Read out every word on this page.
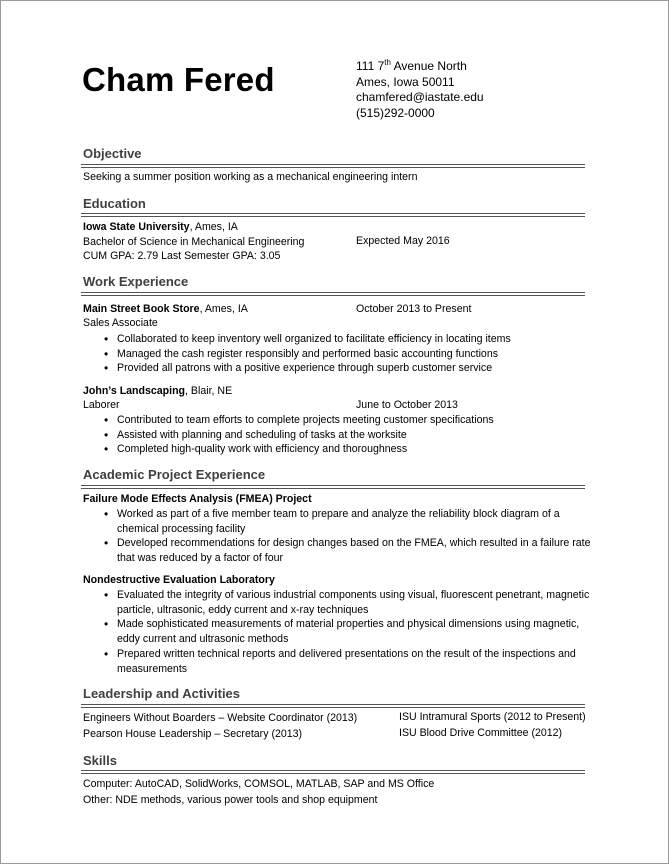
Cham Fered	111 7th Avenue North
Ames, Iowa 50011
chamfered@iastate.edu
(515)292-0000
Objective
Seeking a summer position working as a mechanical engineering intern
Education
Iowa State University, Ames, IA
Bachelor of Science in Mechanical Engineering	Expected May 2016
CUM GPA: 2.79 Last Semester GPA: 3.05
Work Experience
Main Street Book Store, Ames, IA	October 2013 to Present
Sales Associate
• Collaborated to keep inventory well organized to facilitate efficiency in locating items
• Managed the cash register responsibly and performed basic accounting functions
• Provided all patrons with a positive experience through superb customer service
John’s Landscaping, Blair, NE
Laborer	June to October 2013
• Contributed to team efforts to complete projects meeting customer specifications
• Assisted with planning and scheduling of tasks at the worksite
• Completed high-quality work with efficiency and thoroughness
Academic Project Experience
Failure Mode Effects Analysis (FMEA) Project
• Worked as part of a five member team to prepare and analyze the reliability block diagram of a chemical processing facility
• Developed recommendations for design changes based on the FMEA, which resulted in a failure rate that was reduced by a factor of four
Nondestructive Evaluation Laboratory
• Evaluated the integrity of various industrial components using visual, fluorescent penetrant, magnetic particle, ultrasonic, eddy current and x-ray techniques
• Made sophisticated measurements of material properties and physical dimensions using magnetic, eddy current and ultrasonic methods
• Prepared written technical reports and delivered presentations on the result of the inspections and measurements
Leadership and Activities
Engineers Without Boarders – Website Coordinator (2013)	ISU Intramural Sports (2012 to Present)
Pearson House Leadership – Secretary (2013)	ISU Blood Drive Committee (2012)
Skills
Computer: AutoCAD, SolidWorks, COMSOL, MATLAB, SAP and MS Office
Other: NDE methods, various power tools and shop equipment
